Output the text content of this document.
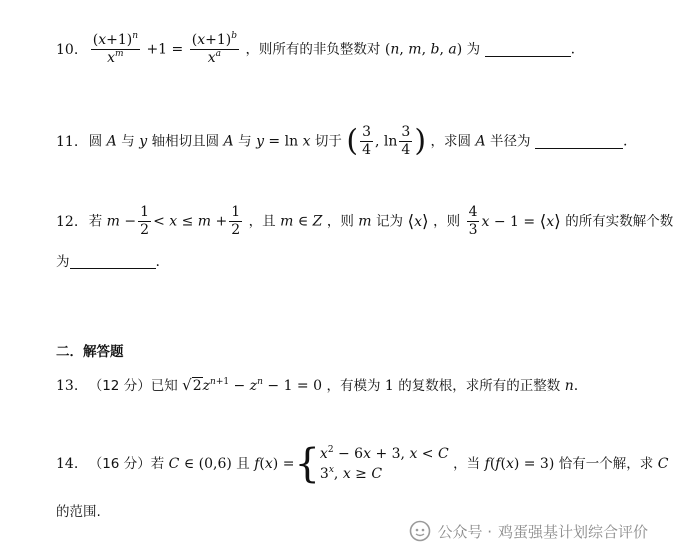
10. $\frac{(x+1)^n}{x^m} +1 = \frac{(x+1)^b}{x^a}$ ，则所有的非负整数对 (n, m, b, a) 为	.
11. 圆 A 与 y 轴相切且圆 A 与 y = ln x 切于 ( $\frac{3}{4}$ , $\ln \frac{3}{4}$ ) ，求圆 A 半径为	.
12. 若 $m - \frac{1}{2} < x \le m + \frac{1}{2}$ ，且 m ∈ Z ，则 m 记为 ⟨x⟩ ，则 $\frac{4}{3}$ x − 1 = ⟨x⟩ 的所有实数解个数
为	.
二．解答题
13. （12 分）已知 $√2z^{n+1} - z^n - 1 = 0$ ，有模为 1 的复数根，求所有的正整数 n.
14. （16 分）若 C ∈ (0,6) 且 f(x) ={ $x^2 - 6x + 3$, x < C
3$^x$, x ≥ C
，当 f(f(x) = 3) 恰有一个解，求 C
的范围.
公众号 · 鸡蛋强基计划综合评价
